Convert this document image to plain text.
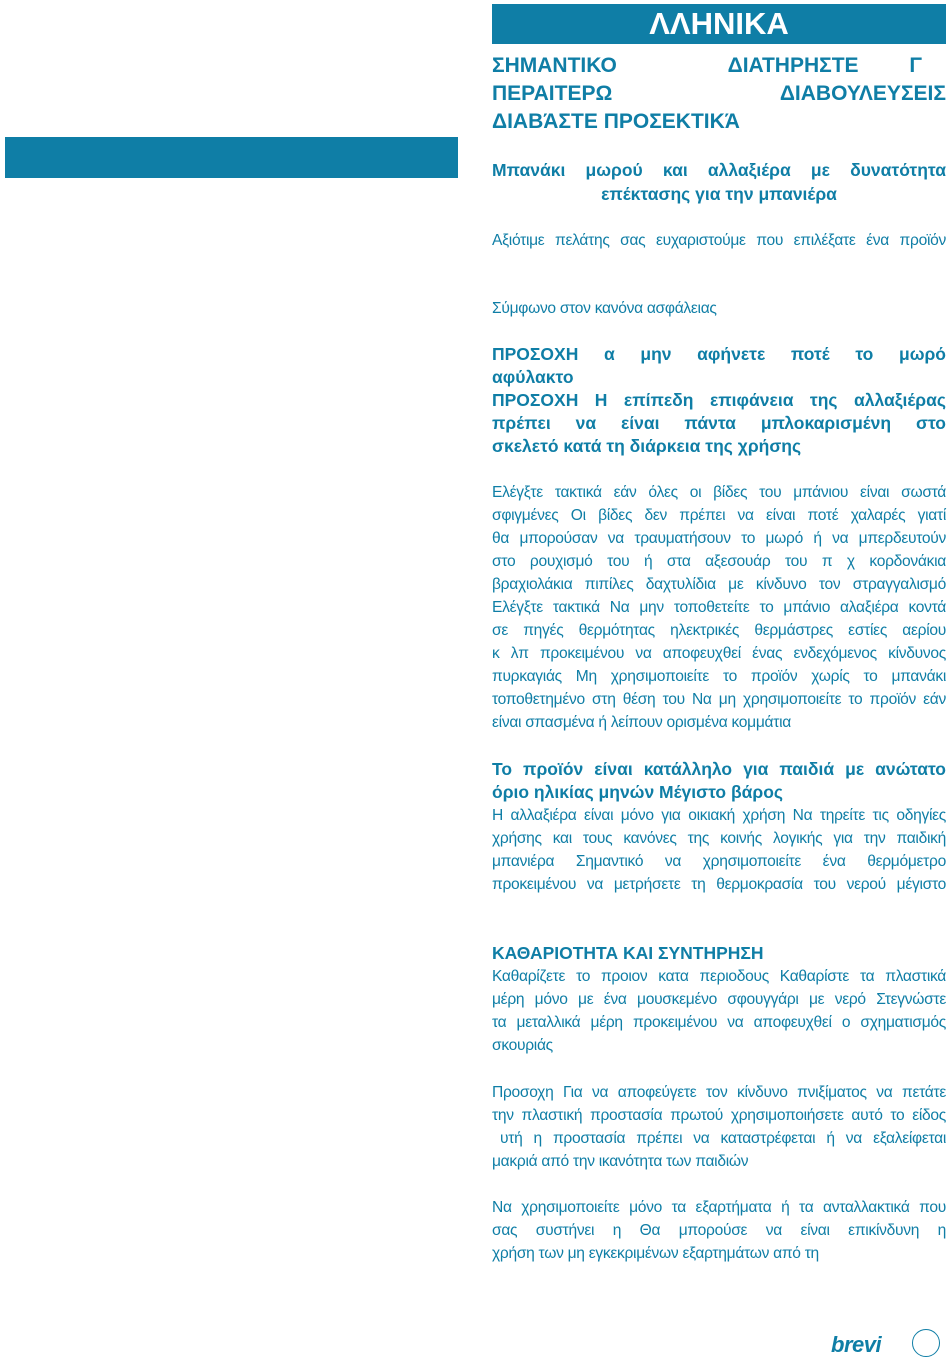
ΛΛΗΝΙΚΑ
ΣΗΜΑΝΤΙΚΟ	ΔΙΑΤΗΡΗΣΤΕ Γ
ΠΕΡΑΙΤΕΡΩ	ΔΙΑΒΟΥΛΕΥΣΕΙΣ
ΔΙΑΒΆΣΤΕ ΠΡΟΣΕΚΤΙΚΆ
Μπανάκι μωρού και αλλαξιέρα με δυνατότητα
επέκτασης για την μπανιέρα
Αξιότιμε πελάτης σας ευχαριστούμε που επιλέξατε ένα προϊόν
Σύμφωνο στον κανόνα ασφάλειας
ΠΡΟΣΟΧΗ α μην αφήνετε ποτέ το μωρό
αφύλακτο
ΠΡΟΣΟΧΗ Η επίπεδη επιφάνεια της αλλαξιέρας
πρέπει να είναι πάντα μπλοκαρισμένη στο
σκελετό κατά τη διάρκεια της χρήσης
Ελέγξτε τακτικά εάν όλες οι βίδες του μπάνιου είναι σωστά
σφιγμένες Οι βίδες δεν πρέπει να είναι ποτέ χαλαρές γιατί
θα μπορούσαν να τραυματήσουν το μωρό ή να μπερδευτούν
στο ρουχισμό του ή στα αξεσουάρ του π χ κορδονάκια
βραχιολάκια πιπίλες δαχτυλίδια με κίνδυνο τον στραγγαλισμό
Ελέγξτε τακτικά Να μην τοποθετείτε το μπάνιο αλαξιέρα κοντά
σε πηγές θερμότητας ηλεκτρικές θερμάστρες εστίες αερίου
κ λπ προκειμένου να αποφευχθεί ένας ενδεχόμενος κίνδυνος
πυρκαγιάς Μη χρησιμοποιείτε το προϊόν χωρίς το μπανάκι
τοποθετημένο στη θέση του Να μη χρησιμοποιείτε το προϊόν εάν
είναι σπασμένα ή λείπουν ορισμένα κομμάτια
Το προϊόν είναι κατάλληλο για παιδιά με ανώτατο
όριο ηλικίας μηνών Μέγιστο βάρος
Η αλλαξιέρα είναι μόνο για οικιακή χρήση Να τηρείτε τις οδηγίες
χρήσης και τους κανόνες της κοινής λογικής για την παιδική
μπανιέρα Σημαντικό να χρησιμοποιείτε ένα θερμόμετρο
προκειμένου να μετρήσετε τη θερμοκρασία του νερού μέγιστο
ΚΑΘΑΡΙΟΤΗΤΑ ΚΑΙ ΣΥΝΤΗΡΗΣΗ
Καθαρίζετε το προιον κατα περιοδους Καθαρίστε τα πλαστικά
μέρη μόνο με ένα μουσκεμένο σφουγγάρι με νερό Στεγνώστε
τα μεταλλικά μέρη προκειμένου να αποφευχθεί ο σχηματισμός
σκουριάς
Προσοχη Για να αποφεύγετε τον κίνδυνο πνιξίματος να πετάτε
την πλαστική προστασία πρωτού χρησιμοποιήσετε αυτό το είδος
υτή η προστασία πρέπει να καταστρέφεται ή να εξαλείφεται
μακριά από την ικανότητα των παιδιών
Να χρησιμοποιείτε μόνο τα εξαρτήματα ή τα ανταλλακτικά που
σας συστήνει η Θα μπορούσε να είναι επικίνδυνη η
χρήση των μη εγκεκριμένων εξαρτημάτων από τη
brevi
